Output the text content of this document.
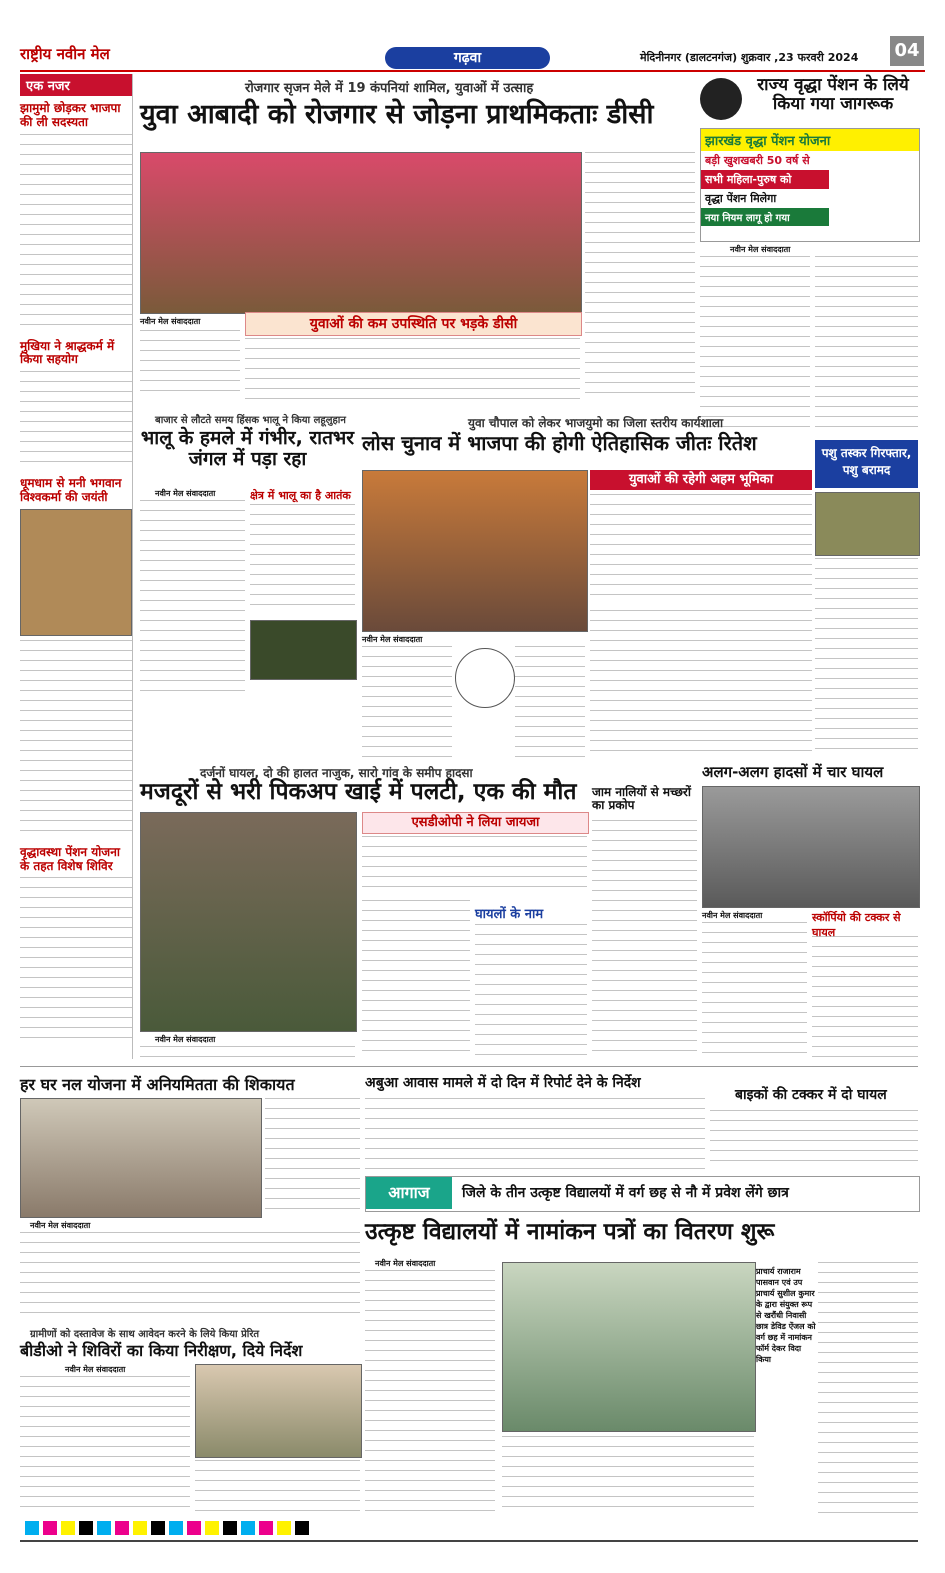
राष्ट्रीय नवीन मेल	गढ़वा	मेदिनीनगर (डालटनगंज) शुक्रवार ,23 फरवरी 2024 04
एक नजर
झामुमो छोड़कर भाजपा की ली सदस्यता
मुखिया ने श्राद्धकर्म में किया सहयोग
धूमधाम से मनी भगवान विश्वकर्मा की जयंती
वृद्धावस्था पेंशन योजना के तहत विशेष शिविर
रोजगार सृजन मेले में 19 कंपनियां शामिल, युवाओं में उत्साह
युवा आबादी को रोजगार से जोड़ना प्राथमिकताः डीसी
नवीन मेल संवाददाता	युवाओं की कम उपस्थिति पर भड़के डीसी
राज्य वृद्धा पेंशन के लिये किया गया जागरूक
झारखंड वृद्धा पेंशन योजना
बड़ी खुशखबरी 50 वर्ष से
सभी महिला-पुरुष को
वृद्धा पेंशन मिलेगा
नया नियम लागू हो गया
नवीन मेल संवाददाता
बाजार से लौटते समय हिंसक भालू ने किया लहूलुहान
भालू के हमले में गंभीर, रातभर जंगल में पड़ा रहा
नवीन मेल संवाददाता	क्षेत्र में भालू का है आतंक
युवा चौपाल को लेकर भाजयुमो का जिला स्तरीय कार्यशाला
लोस चुनाव में भाजपा की होगी ऐतिहासिक जीतः रितेश
युवाओं की रहेगी अहम भूमिका
नवीन मेल संवाददाता
पशु तस्कर गिरफ्तार, पशु बरामद
दर्जनों घायल, दो की हालत नाजुक, सारो गांव के समीप हादसा
मजदूरों से भरी पिकअप खाई में पलटी, एक की मौत
नवीन मेल संवाददाता
एसडीओपी ने लिया जायजा
घायलों के नाम
जाम नालियों से मच्छरों का प्रकोप
अलग-अलग हादसों में चार घायल
नवीन मेल संवाददाता	स्कॉर्पियो की टक्कर से घायल
हर घर नल योजना में अनियमितता की शिकायत
नवीन मेल संवाददाता
अबुआ आवास मामले में दो दिन में रिपोर्ट देने के निर्देश
बाइकों की टक्कर में दो घायल
आगाज	जिले के तीन उत्कृष्ट विद्यालयों में वर्ग छह से नौ में प्रवेश लेंगे छात्र
उत्कृष्ट विद्यालयों में नामांकन पत्रों का वितरण शुरू
नवीन मेल संवाददाता
प्राचार्य राजाराम पासवान एवं उप प्राचार्य सुशील कुमार के द्वारा संयुक्त रूप से खरौंधी निवासी छात्र डेविड ऐंजल को वर्ग छह में नामांकन फॉर्म देकर विदा किया
ग्रामीणों को दस्तावेज के साथ आवेदन करने के लिये किया प्रेरित
बीडीओ ने शिविरों का किया निरीक्षण, दिये निर्देश
नवीन मेल संवाददाता
